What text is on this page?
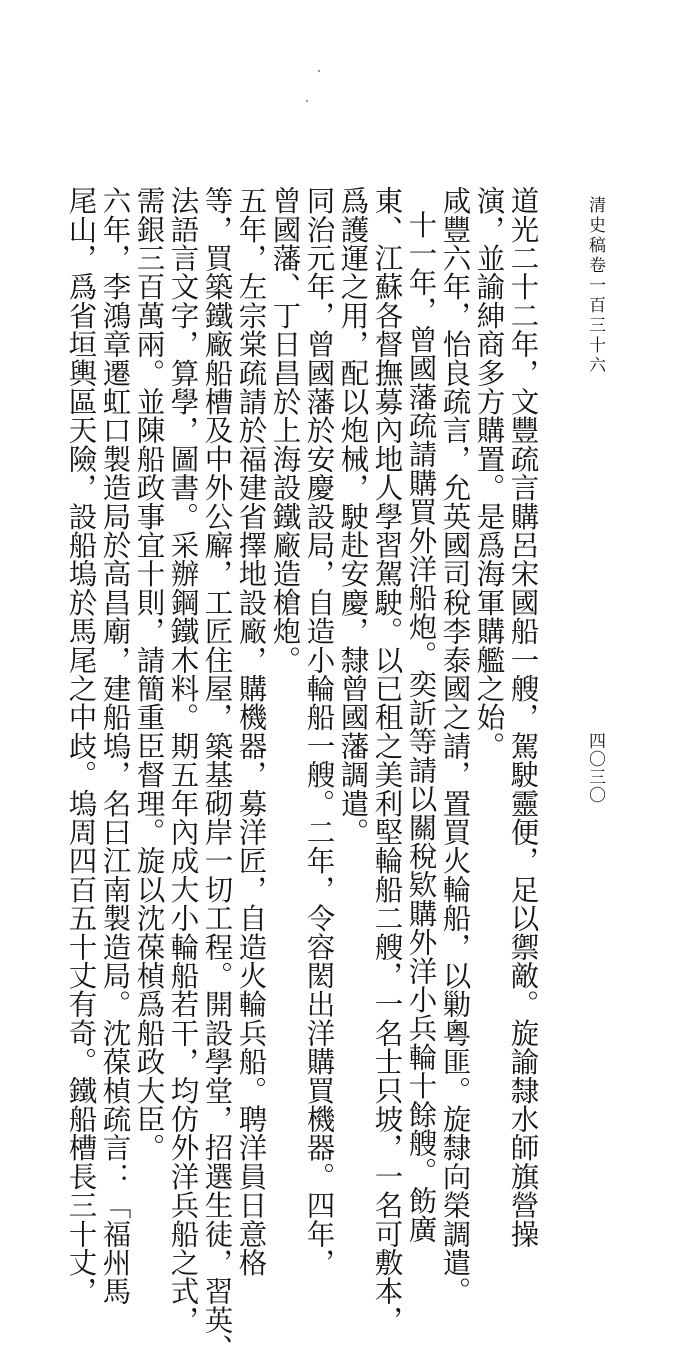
清史稿卷一百三十六
四〇三〇
道光二十二年，文豐疏言購呂宋國船一艘，駕駛靈便，足以禦敵。旋諭隸水師旗營操
演，並諭紳商多方購置。是爲海軍購艦之始。
咸豐六年，怡良疏言，允英國司稅李泰國之請，置買火輪船，以勦粵匪。旋隸向榮調遣。
十一年，曾國藩疏請購買外洋船炮。奕訢等請以關稅欵購外洋小兵輪十餘艘。飭廣
東、江蘇各督撫募內地人學習駕駛。以已租之美利堅輪船二艘，一名士只坡，一名可敷本，
爲護運之用，配以炮械，駛赴安慶，隸曾國藩調遣。
同治元年，曾國藩於安慶設局，自造小輪船一艘。二年，令容閎出洋購買機器。四年，
曾國藩、丁日昌於上海設鐵廠造槍炮。
五年，左宗棠疏請於福建省擇地設廠，購機器，募洋匠，自造火輪兵船。聘洋員日意格
等，買築鐵廠船槽及中外公廨，工匠住屋，築基砌岸一切工程。開設學堂，招選生徒，習英、
法語言文字，算學，圖書。采辦鋼鐵木料。期五年內成大小輪船若干，均仿外洋兵船之式，
需銀三百萬兩。並陳船政事宜十則，請簡重臣督理。旋以沈葆楨爲船政大臣。
六年，李鴻章遷虹口製造局於高昌廟，建船塢，名曰江南製造局。沈葆楨疏言：「福州馬
尾山，爲省垣輿區天險，設船塢於馬尾之中歧。塢周四百五十丈有奇。鐵船槽長三十丈，
